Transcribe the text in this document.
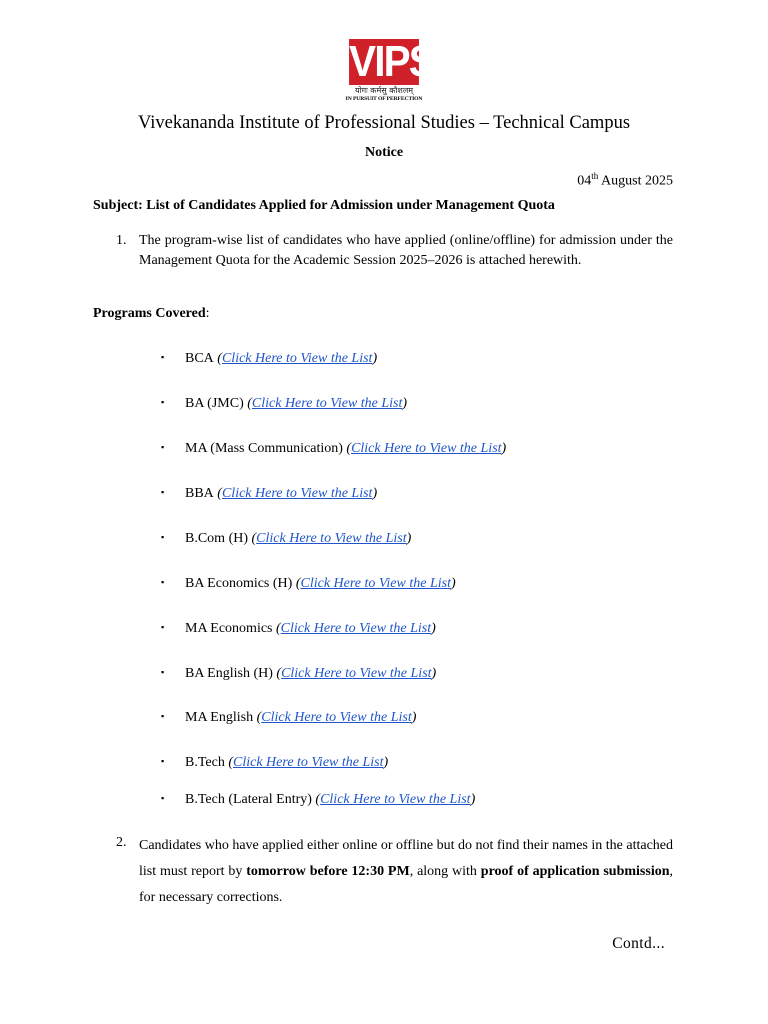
VIPS
योगः कर्मसु कौशलम्
IN PURSUIT OF PERFECTION
Vivekananda Institute of Professional Studies – Technical Campus
Notice
04th August 2025
Subject: List of Candidates Applied for Admission under Management Quota
1. The program-wise list of candidates who have applied (online/offline) for admission under the Management Quota for the Academic Session 2025–2026 is attached herewith.
Programs Covered:
▪ BCA (Click Here to View the List)
▪ BA (JMC) (Click Here to View the List)
▪ MA (Mass Communication) (Click Here to View the List)
▪ BBA (Click Here to View the List)
▪ B.Com (H) (Click Here to View the List)
▪ BA Economics (H) (Click Here to View the List)
▪ MA Economics (Click Here to View the List)
▪ BA English (H) (Click Here to View the List)
▪ MA English (Click Here to View the List)
▪ B.Tech (Click Here to View the List)
▪ B.Tech (Lateral Entry) (Click Here to View the List)
2. Candidates who have applied either online or offline but do not find their names in the attached list must report by tomorrow before 12:30 PM, along with proof of application submission, for necessary corrections.
Contd...
